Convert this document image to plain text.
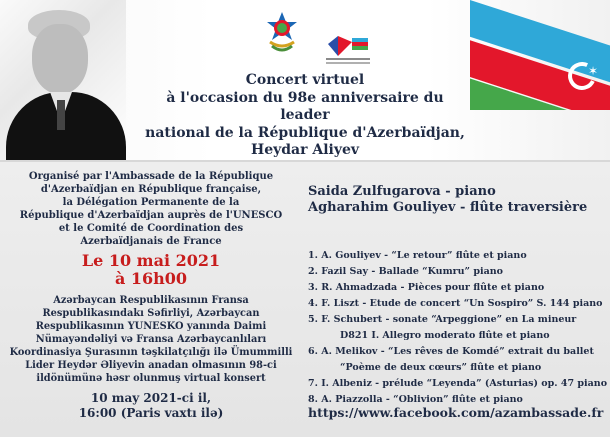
✶
Concert virtuel
à l'occasion du 98e anniversaire du leader
national de la République d'Azerbaïdjan,
Heydar Aliyev
Organisé par l'Ambassade de la République
d'Azerbaïdjan en République française,
la Délégation Permanente de la
République d'Azerbaïdjan auprès de l'UNESCO
et le Comité de Coordination des
Azerbaïdjanais de France
Le 10 mai 2021
à 16h00
Azərbaycan Respublikasının Fransa
Respublikasındakı Səfirliyi, Azərbaycan
Respublikasının YUNESKO yanında Daimi
Nümayəndəliyi və Fransa Azərbaycanlıları
Koordinasiya Şurasının təşkilatçılığı ilə Ümummilli
Lider Heydər Əliyevin anadan olmasının 98-ci
ildönümünə həsr olunmuş virtual konsert
10 may 2021-ci il,
16:00 (Paris vaxtı ilə)
Saida Zulfugarova - piano
Agharahim Gouliyev - flûte traversière
1. A. Gouliyev - “Le retour” flûte et piano
2. Fazil Say - Ballade “Kumru” piano
3. R. Ahmadzada - Pièces pour flûte et piano
4. F. Liszt - Etude de concert “Un Sospiro” S. 144 piano
5. F. Schubert - sonate “Arpeggione” en La mineur
D821 I. Allegro moderato flûte et piano
6. A. Melikov - “Les rêves de Komdé” extrait du ballet
“Poème de deux cœurs” flûte et piano
7. I. Albeniz - prélude “Leyenda” (Asturias) op. 47 piano
8. A. Piazzolla - “Oblivion” flûte et piano
https://www.facebook.com/azambassade.fr
